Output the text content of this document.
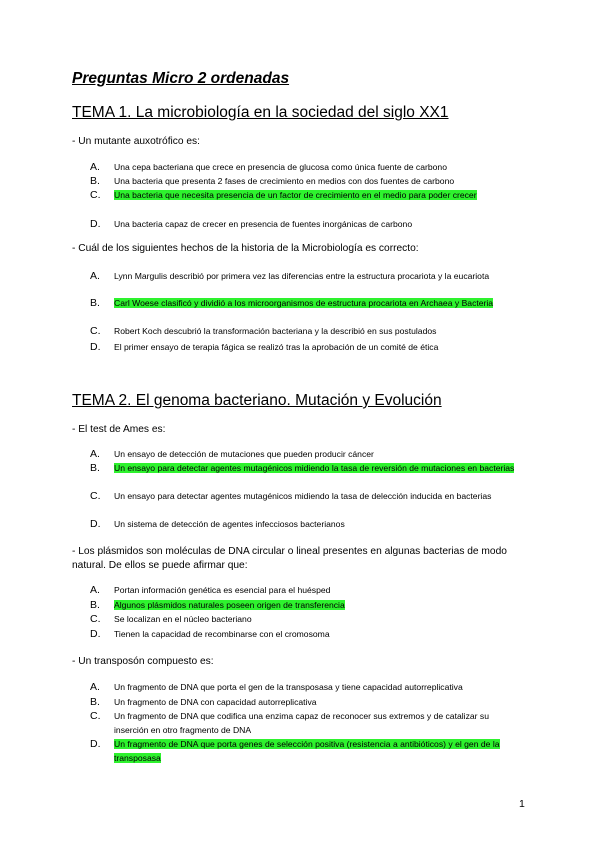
Preguntas Micro 2 ordenadas
TEMA 1. La microbiología en la sociedad del siglo XX1
- Un mutante auxotrófico es:
A. Una cepa bacteriana que crece en presencia de glucosa como única fuente de carbono
B. Una bacteria que presenta 2 fases de crecimiento en medios con dos fuentes de carbono
C. Una bacteria que necesita presencia de un factor de crecimiento en el medio para poder crecer
D. Una bacteria capaz de crecer en presencia de fuentes inorgánicas de carbono
- Cuál de los siguientes hechos de la historia de la Microbiología es correcto:
A. Lynn Margulis describió por primera vez las diferencias entre la estructura procariota y la eucariota
B. Carl Woese clasificó y dividió a los microorganismos de estructura procariota en Archaea y Bacteria
C. Robert Koch descubrió la transformación bacteriana y la describió en sus postulados
D. El primer ensayo de terapia fágica se realizó tras la aprobación de un comité de ética
TEMA 2. El genoma bacteriano. Mutación y Evolución
- El test de Ames es:
A. Un ensayo de detección de mutaciones que pueden producir cáncer
B. Un ensayo para detectar agentes mutagénicos midiendo la tasa de reversión de mutaciones en bacterias
C. Un ensayo para detectar agentes mutagénicos midiendo la tasa de delección inducida en bacterias
D. Un sistema de detección de agentes infecciosos bacterianos
- Los plásmidos son moléculas de DNA circular o lineal presentes en algunas bacterias de modo natural. De ellos se puede afirmar que:
A. Portan información genética es esencial para el huésped
B. Algunos plásmidos naturales poseen origen de transferencia
C. Se localizan en el núcleo bacteriano
D. Tienen la capacidad de recombinarse con el cromosoma
- Un transposón compuesto es:
A. Un fragmento de DNA que porta el gen de la transposasa y tiene capacidad autorreplicativa
B. Un fragmento de DNA con capacidad autorreplicativa
C. Un fragmento de DNA que codifica una enzima capaz de reconocer sus extremos y de catalizar su inserción en otro fragmento de DNA
D. Un fragmento de DNA que porta genes de selección positiva (resistencia a antibióticos) y el gen de la transposasa
1
